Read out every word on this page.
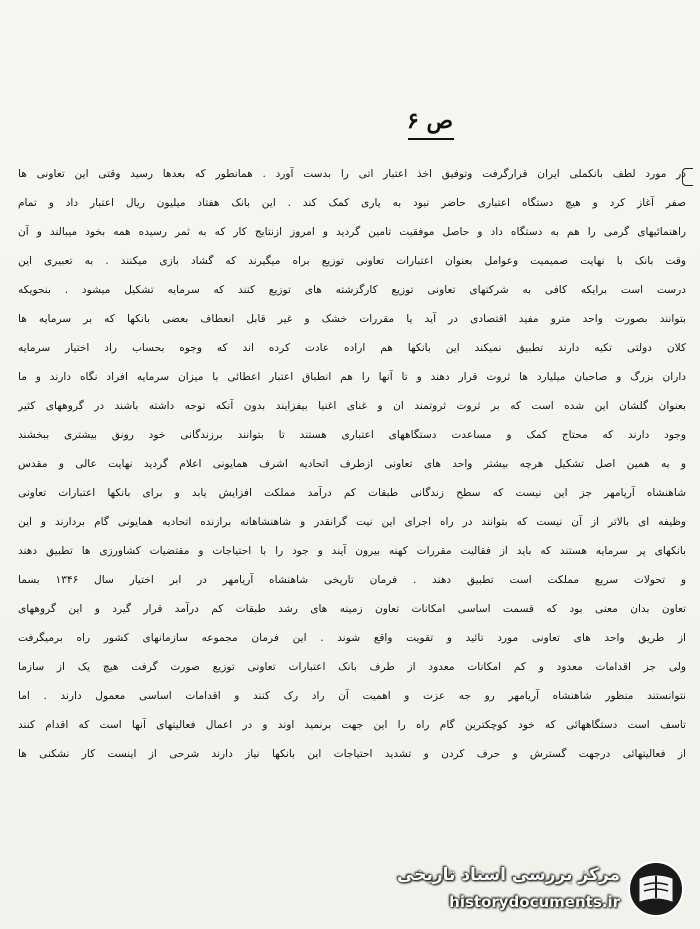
ص ۶
در مورد لطف بانکملی ایران قرارگرفت وتوفیق اخذ اعتبار اتی را بدست آورد . همانطور که بعدها رسید وقتی این تعاونی ها
صفر آغاز کرد و هیچ دستگاه اعتباری حاضر نبود به یاری کمک کند . این بانک هفتاد میلیون ریال اعتبار داد و تمام
راهنمائیهای گرمی را هم به دستگاه داد و حاصل موفقیت تامین گردید و امروز ازنتایج کار که به ثمر رسیده همه بخود میبالند و آن
وقت بانک با نهایت صمیمیت وعوامل بعنوان اعتبارات تعاونی توزیع براه میگیرند که گشاد بازی میکنند . به تعبیری این
درست است برایکه کافی به شرکتهای تعاونی توزیع کارگزشته های توزیع کنند که سرمایه تشکیل میشود . بنحویکه
بتوانند بصورت واحد مترو مفید اقتصادی در آید یا مقررات خشک و غیر قابل انعطاف بعضی بانکها که بر سرمایه ها
کلان دولتی تکیه دارند تطبیق نمیکند این بانکها هم اراده عادت کرده اند که وجوه بحساب راد اختیار سرمایه
داران بزرگ و صاحبان میلیارد ها ثروت قرار دهند و تا آنها را هم انطباق اعتبار اعطائی با میزان سرمایه افراد نگاه دارند و ما
بعنوان گلشان این شده است که بر ثروت ثروتمند ان و غنای اغنیا بیفزایند بدون آنکه توجه داشته باشند در گروههای کثیر
وجود دارند که محتاج کمک و مساعدت دستگاههای اعتباری هستند تا بتوانند برزندگانی خود رونق بیشتری ببخشند
و به همین اصل تشکیل هرچه بیشتر واحد های تعاونی ازطرف اتحادیه اشرف همایونی اعلام گردید نهایت عالی و مقدس
شاهنشاه آریامهر جز این نیست که سطح زندگانی طبقات کم درآمد مملکت افزایش یابد و برای بانکها اعتبارات تعاونی
وظیفه ای بالاتر از آن نیست که بتوانند در راه اجرای این نیت گرانقدر و شاهنشاهانه برازنده اتحادیه همایونی گام بردارند و این
بانکهای پر سرمایه هستند که باید از فقالیت مقررات کهنه بیرون آیند و جود را با احتیاجات و مقتضیات کشاورزی ها تطبیق دهند
و تحولات سریع مملکت است تطبیق دهند . فرمان تاریخی شاهنشاه آریامهر در ابر اختیار سال ۱۳۴۶ بسما
تعاون بدان معنی بود که قسمت اساسی امکانات تعاون زمینه های رشد طبقات کم درآمد قرار گیرد و این گروههای
از طریق واحد های تعاونی مورد تائید و تقویت واقع شوند . این فرمان مجموعه سازمانهای کشور راه برمیگرفت
ولی جز اقدامات معدود و کم امکانات معدود از طرف بانک اعتبارات تعاونی توزیع صورت گرفت هیچ یک از سازما
نتوانستند منظور شاهنشاه آریامهر رو جه عزت و اهمیت آن راد رک کنند و اقدامات اساسی معمول دارند . اما
تاسف است دستگاههائی که خود کوچکترین گام راه را این جهت برنمید اوند و در اعمال فعالیتهای آنها است که اقدام کنند
از فعالیتهائی درجهت گسترش و حرف کردن و تشدید احتیاجات این بانکها نیاز دارند شرحی از اینست کار نشکنی ها
مرکز بررسی اسناد تاریخی
historydocuments.ir
